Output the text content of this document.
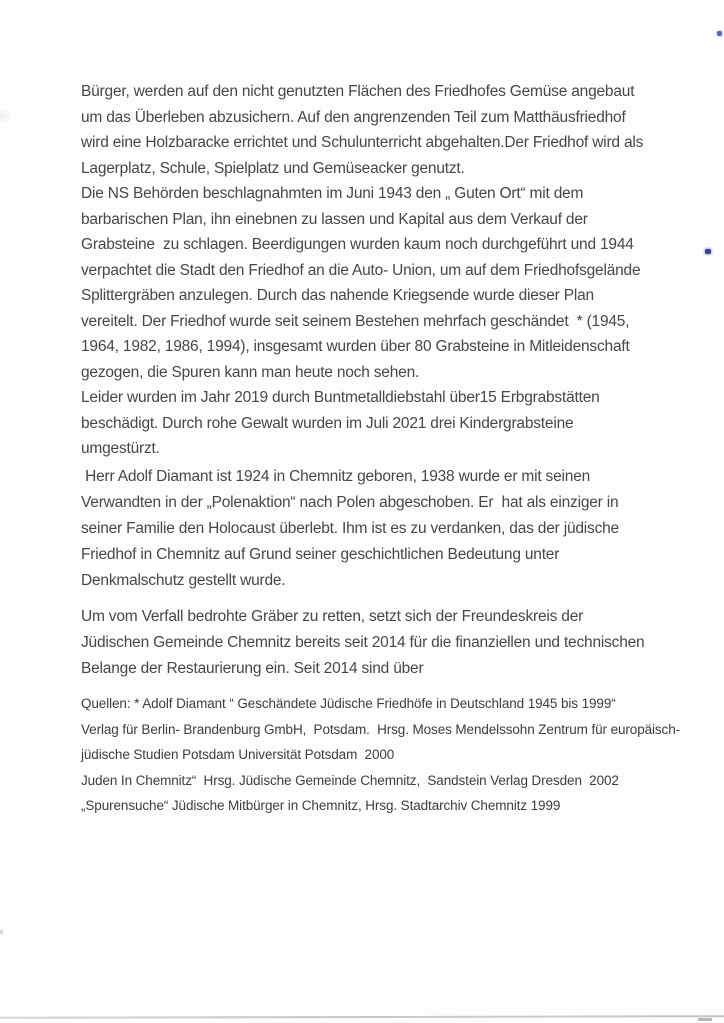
Bürger, werden auf den nicht genutzten Flächen des Friedhofes Gemüse angebaut
um das Überleben abzusichern. Auf den angrenzenden Teil zum Matthäusfriedhof
wird eine Holzbaracke errichtet und Schulunterricht abgehalten.Der Friedhof wird als
Lagerplatz, Schule, Spielplatz und Gemüseacker genutzt.
Die NS Behörden beschlagnahmten im Juni 1943 den „ Guten Ort“ mit dem
barbarischen Plan, ihn einebnen zu lassen und Kapital aus dem Verkauf der
Grabsteine  zu schlagen. Beerdigungen wurden kaum noch durchgeführt und 1944
verpachtet die Stadt den Friedhof an die Auto- Union, um auf dem Friedhofsgelände
Splittergräben anzulegen. Durch das nahende Kriegsende wurde dieser Plan
vereitelt. Der Friedhof wurde seit seinem Bestehen mehrfach geschändet  * (1945,
1964, 1982, 1986, 1994), insgesamt wurden über 80 Grabsteine in Mitleidenschaft
gezogen, die Spuren kann man heute noch sehen.
Leider wurden im Jahr 2019 durch Buntmetalldiebstahl über15 Erbgrabstätten
beschädigt. Durch rohe Gewalt wurden im Juli 2021 drei Kindergrabsteine
umgestürzt.
Herr Adolf Diamant ist 1924 in Chemnitz geboren, 1938 wurde er mit seinen
Verwandten in der „Polenaktion“ nach Polen abgeschoben. Er  hat als einziger in
seiner Familie den Holocaust überlebt. Ihm ist es zu verdanken, das der jüdische
Friedhof in Chemnitz auf Grund seiner geschichtlichen Bedeutung unter
Denkmalschutz gestellt wurde.
Um vom Verfall bedrohte Gräber zu retten, setzt sich der Freundeskreis der
Jüdischen Gemeinde Chemnitz bereits seit 2014 für die finanziellen und technischen
Belange der Restaurierung ein. Seit 2014 sind über
Quellen: * Adolf Diamant “ Geschändete Jüdische Friedhöfe in Deutschland 1945 bis 1999“
Verlag für Berlin- Brandenburg GmbH,  Potsdam.  Hrsg. Moses Mendelssohn Zentrum für europäisch-
jüdische Studien Potsdam Universität Potsdam  2000
Juden In Chemnitz“  Hrsg. Jüdische Gemeinde Chemnitz,  Sandstein Verlag Dresden  2002
„Spurensuche“ Jüdische Mitbürger in Chemnitz, Hrsg. Stadtarchiv Chemnitz 1999
